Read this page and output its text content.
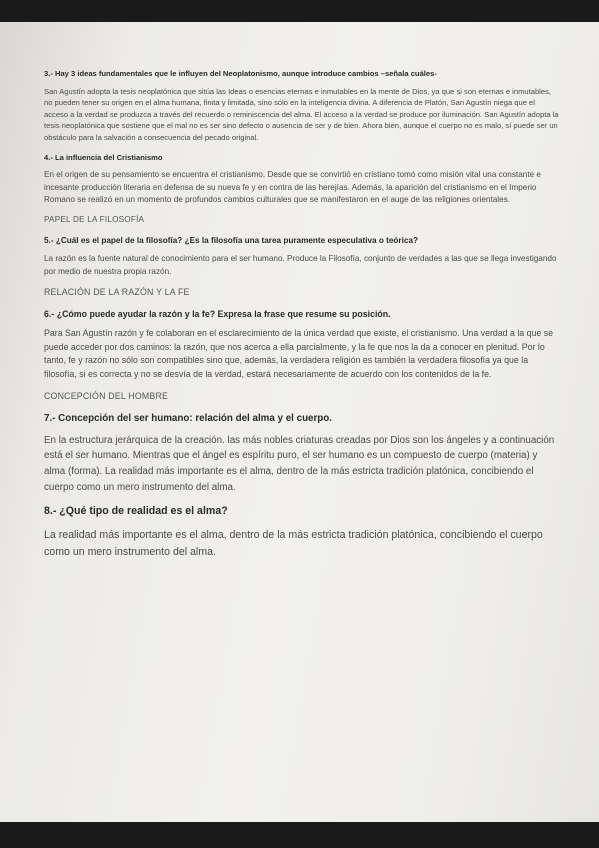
3.- Hay 3 ideas fundamentales que le influyen del Neoplatonismo, aunque introduce cambios –señala cuáles-

San Agustín adopta la tesis neoplatónica que sitúa las Ideas o esencias eternas e inmutables en la mente de Dios, ya que si son eternas e inmutables, no pueden tener su origen en el alma humana, finita y limitada, sino sólo en la inteligencia divina. A diferencia de Platón, San Agustín niega que el acceso a la verdad se produzca a través del recuerdo o reminiscencia del alma. El acceso a la verdad se produce por iluminación. San Agustín adopta la tesis neoplatónica que sostiene que el mal no es ser sino defecto o ausencia de ser y de bien. Ahora bien, aunque el cuerpo no es malo, sí puede ser un obstáculo para la salvación a consecuencia del pecado original.

4.- La influencia del Cristianismo

En el origen de su pensamiento se encuentra el cristianismo. Desde que se convirtió en cristiano tomó como misión vital una constante e incesante producción literaria en defensa de su nueva fe y en contra de las herejías. Además, la aparición del cristianismo en el Imperio Romano se realizó en un momento de profundos cambios culturales que se manifestaron en el auge de las religiones orientales.

PAPEL DE LA FILOSOFÍA

5.- ¿Cuál es el papel de la filosofía? ¿Es la filosofía una tarea puramente especulativa o teórica?

La razón es la fuente natural de conocimiento para el ser humano. Produce la Filosofía, conjunto de verdades a las que se llega investigando por medio de nuestra propia razón.

RELACIÓN DE LA RAZÓN Y LA FE

6.- ¿Cómo puede ayudar la razón y la fe? Expresa la frase que resume su posición.

Para San Agustín razón y fe colaboran en el esclarecimiento de la única verdad que existe, el cristianismo. Una verdad a la que se puede acceder por dos caminos: la razón, que nos acerca a ella parcialmente, y la fe que nos la da a conocer en plenitud. Por lo tanto, fe y razón no sólo son compatibles sino que, además, la verdadera religión es también la verdadera filosofía ya que la filosofía, si es correcta y no se desvía de la verdad, estará necesariamente de acuerdo con los contenidos de la fe.

CONCEPCIÓN DEL HOMBRE

7.- Concepción del ser humano: relación del alma y el cuerpo.

En la estructura jerárquica de la creación. las más nobles criaturas creadas por Dios son los ángeles y a continuación está el ser humano. Mientras que el ángel es espíritu puro, el ser humano es un compuesto de cuerpo (materia) y alma (forma). La realidad más importante es el alma, dentro de la más estricta tradición platónica, concibiendo el cuerpo como un mero instrumento del alma.

8.- ¿Qué tipo de realidad es el alma?

La realidad más importante es el alma, dentro de la más estricta tradición platónica, concibiendo el cuerpo como un mero instrumento del alma.
